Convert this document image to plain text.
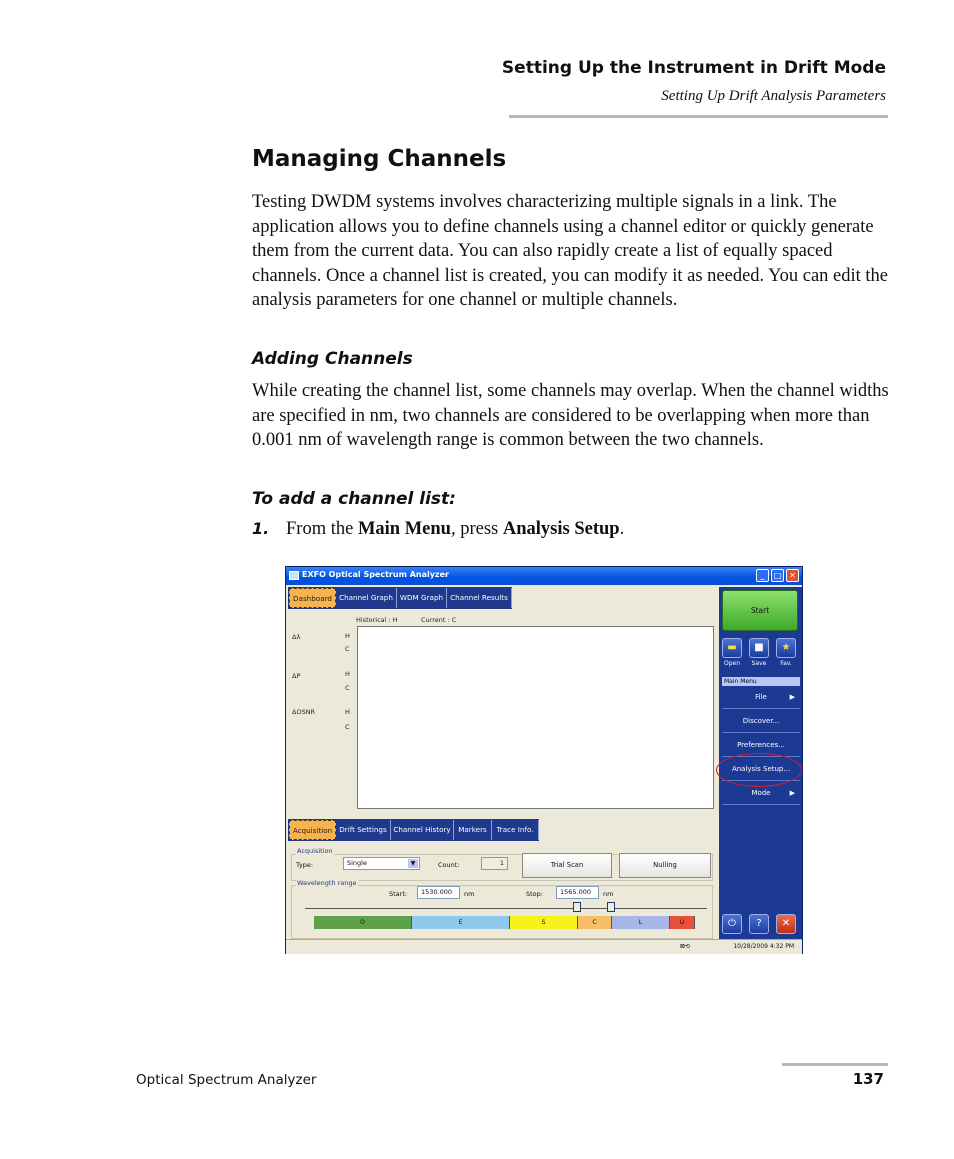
Setting Up the Instrument in Drift Mode
Setting Up Drift Analysis Parameters
Managing Channels
Testing DWDM systems involves characterizing multiple signals in a link. The application allows you to define channels using a channel editor or quickly generate them from the current data. You can also rapidly create a list of equally spaced channels. Once a channel list is created, you can modify it as needed. You can edit the analysis parameters for one channel or multiple channels.
Adding Channels
While creating the channel list, some channels may overlap. When the channel widths are specified in nm, two channels are considered to be overlapping when more than 0.001 nm of wavelength range is common between the two channels.
To add a channel list:
1. From the Main Menu, press Analysis Setup.
EXFO Optical Spectrum Analyzer	_	□ ✕
Dashboard Channel Graph WDM Graph Channel Results
Historical : H	Current : C
Δλ	H
C
ΔP	H
C
ΔOSNR	H
C
Start
▬
Open
■
Save
★
Fav.
Main Menu
File	▶
Discover...
Preferences...
Analysis Setup...
Mode	▶
⏻	?	✕
Acquisition Drift Settings Channel History	Markers	Trace Info.
Acquisition
Type:	Single	▼	Count:	1	Trial Scan	Nulling
Wavelength range
Start:	1530.000	nm	Stop:	1565.000	nm
O	E	S	C	L	U
⊠⟲	10/28/2009 4:32 PM
Optical Spectrum Analyzer	137
